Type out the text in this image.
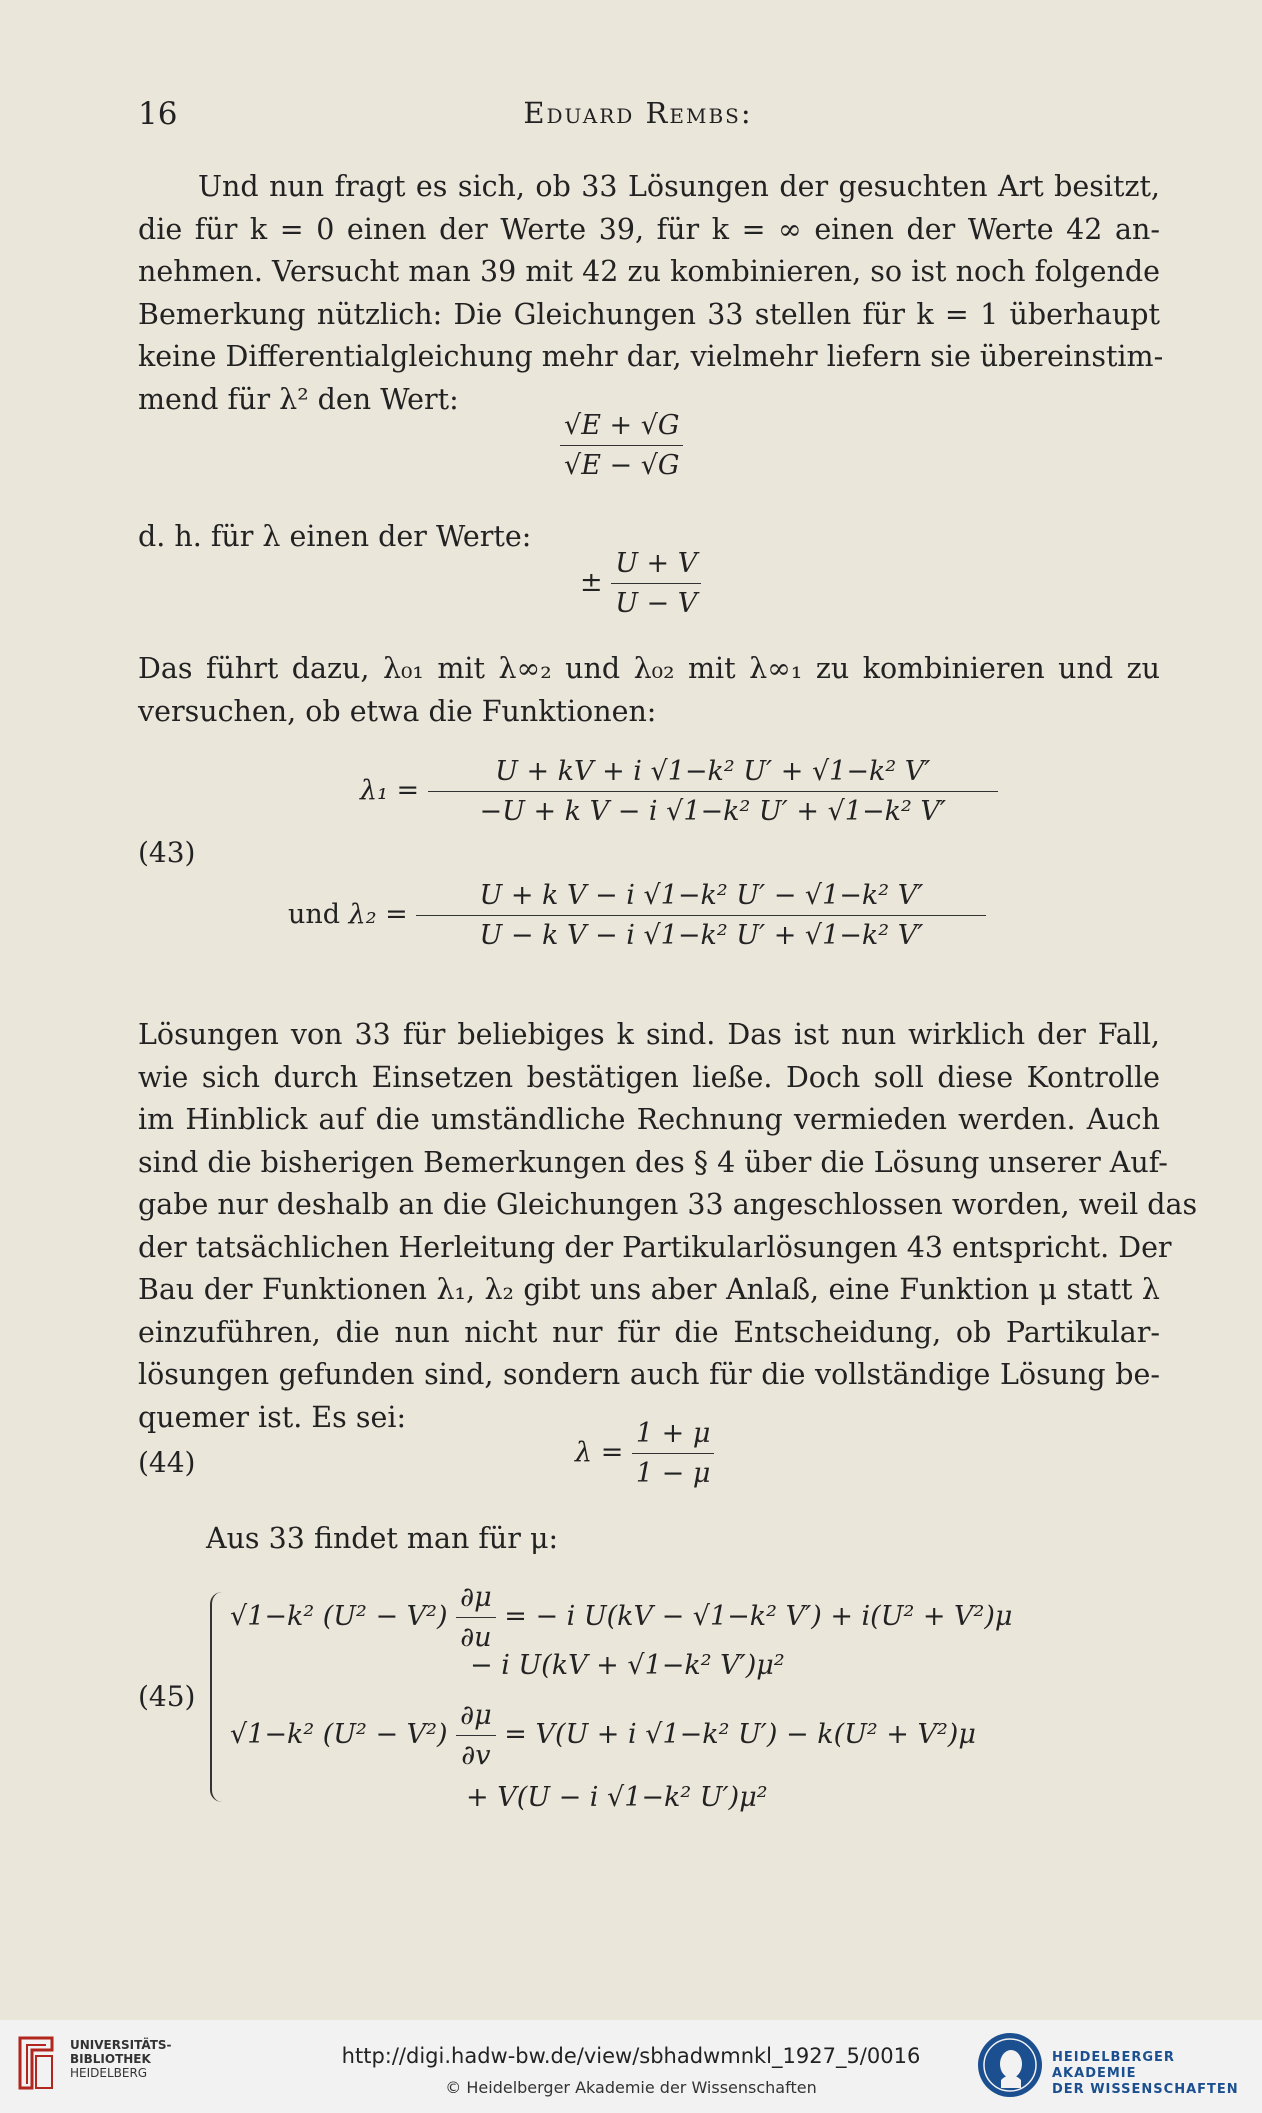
16	Eduard Rembs:
Und nun fragt es sich, ob 33 Lösungen der gesuchten Art besitzt,
die für k = 0 einen der Werte 39, für k = ∞ einen der Werte 42 an-
nehmen. Versucht man 39 mit 42 zu kombinieren, so ist noch folgende
Bemerkung nützlich: Die Gleichungen 33 stellen für k = 1 überhaupt
keine Differentialgleichung mehr dar, vielmehr liefern sie übereinstim-
mend für λ² den Wert:
$\frac{√E + √G}{√E - √G}$
d. h. für λ einen der Werte:
± $\frac{U + V}{U - V}$
Das führt dazu, λ₀₁ mit λ∞₂ und λ₀₂ mit λ∞₁ zu kombinieren und zu
versuchen, ob etwa die Funktionen:
(43)
$\lambda_1 = \frac{\text{U + kV + i √1−k² U′ + √1−k² V′}}{\text{−U + k V − i √1−k² U′ + √1−k² V′}}$
und $\lambda_2 = \frac{\text{U + k V − i √1−k² U′ − √1−k² V′}}{\text{U − k V − i √1−k² U′ + √1−k² V′}}$
Lösungen von 33 für beliebiges k sind. Das ist nun wirklich der Fall,
wie sich durch Einsetzen bestätigen ließe. Doch soll diese Kontrolle
im Hinblick auf die umständliche Rechnung vermieden werden. Auch
sind die bisherigen Bemerkungen des § 4 über die Lösung unserer Auf-
gabe nur deshalb an die Gleichungen 33 angeschlossen worden, weil das
der tatsächlichen Herleitung der Partikularlösungen 43 entspricht. Der
Bau der Funktionen λ₁, λ₂ gibt uns aber Anlaß, eine Funktion μ statt λ
einzuführen, die nun nicht nur für die Entscheidung, ob Partikular-
lösungen gefunden sind, sondern auch für die vollständige Lösung be-
quemer ist. Es sei:
(44)	$\lambda = \frac{1 + \mu}{1 - \mu}$
Aus 33 findet man für μ:
(45)
√1−k² $(U^2 - V^2) \frac{\partial\mu}{\partial u}$ = − i U(kV − √1−k² V′) + i(U² + V²)μ
− i U(kV + √1−k² V′)μ²
√1−k² $(U^2 - V^2) \frac{\partial\mu}{\partial v} = V(U + i$ √1−k² U′) − k(U² + V²)μ
+ V(U − i √1−k² U′)μ²
UNIVERSITÄTS-
BIBLIOTHEK
HEIDELBERG
http://digi.hadw-bw.de/view/sbhadwmnkl_1927_5/0016
© Heidelberger Akademie der Wissenschaften
HEIDELBERGER AKADEMIE
DER WISSENSCHAFTEN
